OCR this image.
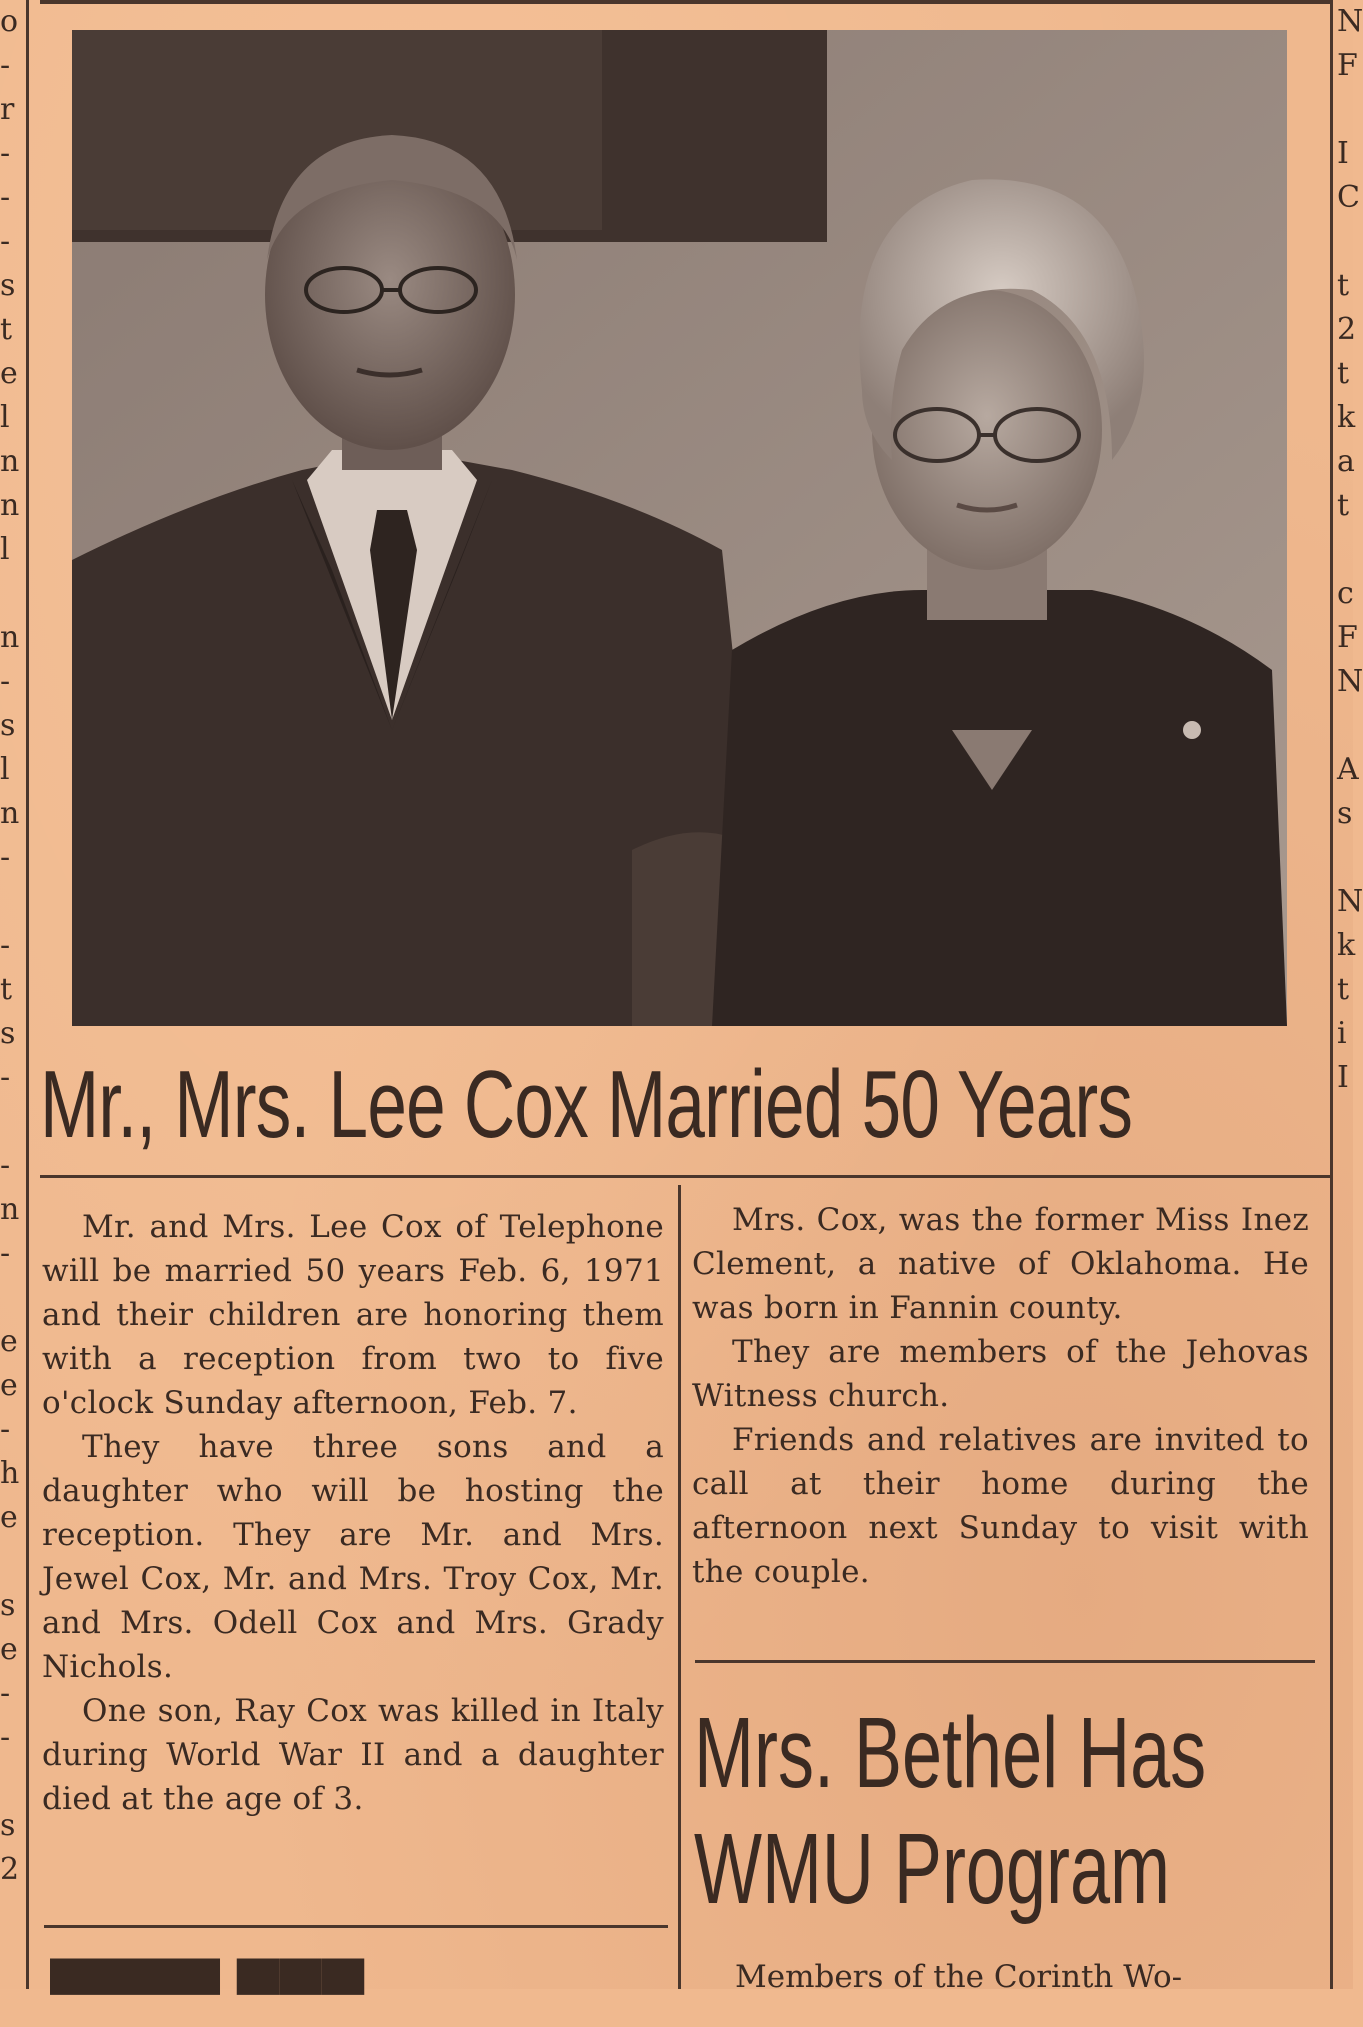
o
-
r
-
-
-
s
t
e
l
n
n
l

n
-
s
l
n
-

-
t
s
-

-
n
-

e
e
-
h
e

s
e
-
-

s
2
N
F

I
C

t
2
t
k
a
t

c
F
N

A
s

N
k
t
i
I
Mr., Mrs. Lee Cox Married 50 Years

Mr. and Mrs. Lee Cox of Telephone will be married 50 years Feb. 6, 1971 and their children are honoring them with a reception from two to five o'clock Sunday afternoon, Feb. 7.

They have three sons and a daughter who will be hosting the reception. They are Mr. and Mrs. Jewel Cox, Mr. and Mrs. Troy Cox, Mr. and Mrs. Odell Cox and Mrs. Grady Nichols.

One son, Ray Cox was killed in Italy during World War II and a daughter died at the age of 3.

▀▀▀▀ ▀▀▀

Mrs. Cox, was the former Miss Inez Clement, a native of Oklahoma. He was born in Fannin county.

They are members of the Jehovas Witness church.

Friends and relatives are invited to call at their home during the afternoon next Sunday to visit with the couple.

Mrs. Bethel Has
WMU Program
Members of the Corinth Wo-
